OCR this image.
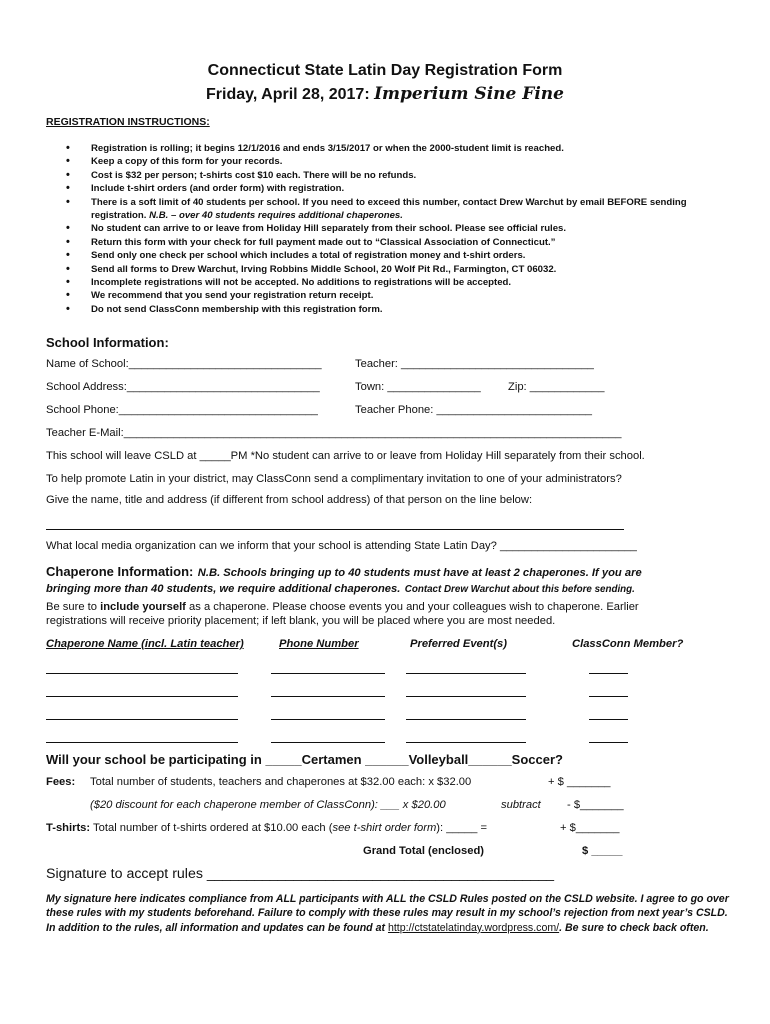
Connecticut State Latin Day Registration Form
Friday, April 28, 2017: Imperium Sine Fine
REGISTRATION INSTRUCTIONS:
• Registration is rolling; it begins 12/1/2016 and ends 3/15/2017 or when the 2000-student limit is reached.
• Keep a copy of this form for your records.
• Cost is $32 per person; t-shirts cost $10 each. There will be no refunds.
• Include t-shirt orders (and order form) with registration.
• There is a soft limit of 40 students per school. If you need to exceed this number, contact Drew Warchut by email BEFORE sending registration. N.B. – over 40 students requires additional chaperones.
• No student can arrive to or leave from Holiday Hill separately from their school. Please see official rules.
• Return this form with your check for full payment made out to “Classical Association of Connecticut.”
• Send only one check per school which includes a total of registration money and t-shirt orders.
• Send all forms to Drew Warchut, Irving Robbins Middle School, 20 Wolf Pit Rd., Farmington, CT 06032.
• Incomplete registrations will not be accepted. No additions to registrations will be accepted.
• We recommend that you send your registration return receipt.
• Do not send ClassConn membership with this registration form.
School Information:
Name of School:_______________________________	Teacher: _______________________________
School Address:_______________________________	Town: _______________ Zip: ____________
School Phone:________________________________	Teacher Phone: _________________________
Teacher E-Mail:________________________________________________________________________________
This school will leave CSLD at _____PM *No student can arrive to or leave from Holiday Hill separately from their school.
To help promote Latin in your district, may ClassConn send a complimentary invitation to one of your administrators?
Give the name, title and address (if different from school address) of that person on the line below:
What local media organization can we inform that your school is attending State Latin Day? ______________________
Chaperone Information: N.B. Schools bringing up to 40 students must have at least 2 chaperones. If you are
bringing more than 40 students, we require additional chaperones. Contact Drew Warchut about this before sending.
Be sure to include yourself as a chaperone. Please choose events you and your colleagues wish to chaperone. Earlier
registrations will receive priority placement; if left blank, you will be placed where you are most needed.
Chaperone Name (incl. Latin teacher)	Phone Number	Preferred Event(s)	ClassConn Member?
Will your school be participating in _____Certamen ______Volleyball______Soccer?
Fees: Total number of students, teachers and chaperones at $32.00 each: x $32.00	+ $ _______
($20 discount for each chaperone member of ClassConn): ___ x $20.00	subtract - $_______
T-shirts: Total number of t-shirts ordered at $10.00 each (see t-shirt order form): _____ =	+ $_______
Grand Total (enclosed)	$ _____
Signature to accept rules ____________________________________________
My signature here indicates compliance from ALL participants with ALL the CSLD Rules posted on the CSLD website. I agree to go over these rules with my students beforehand. Failure to comply with these rules may result in my school’s rejection from next year’s CSLD. In addition to the rules, all information and updates can be found at http://ctstatelatinday.wordpress.com/. Be sure to check back often.
